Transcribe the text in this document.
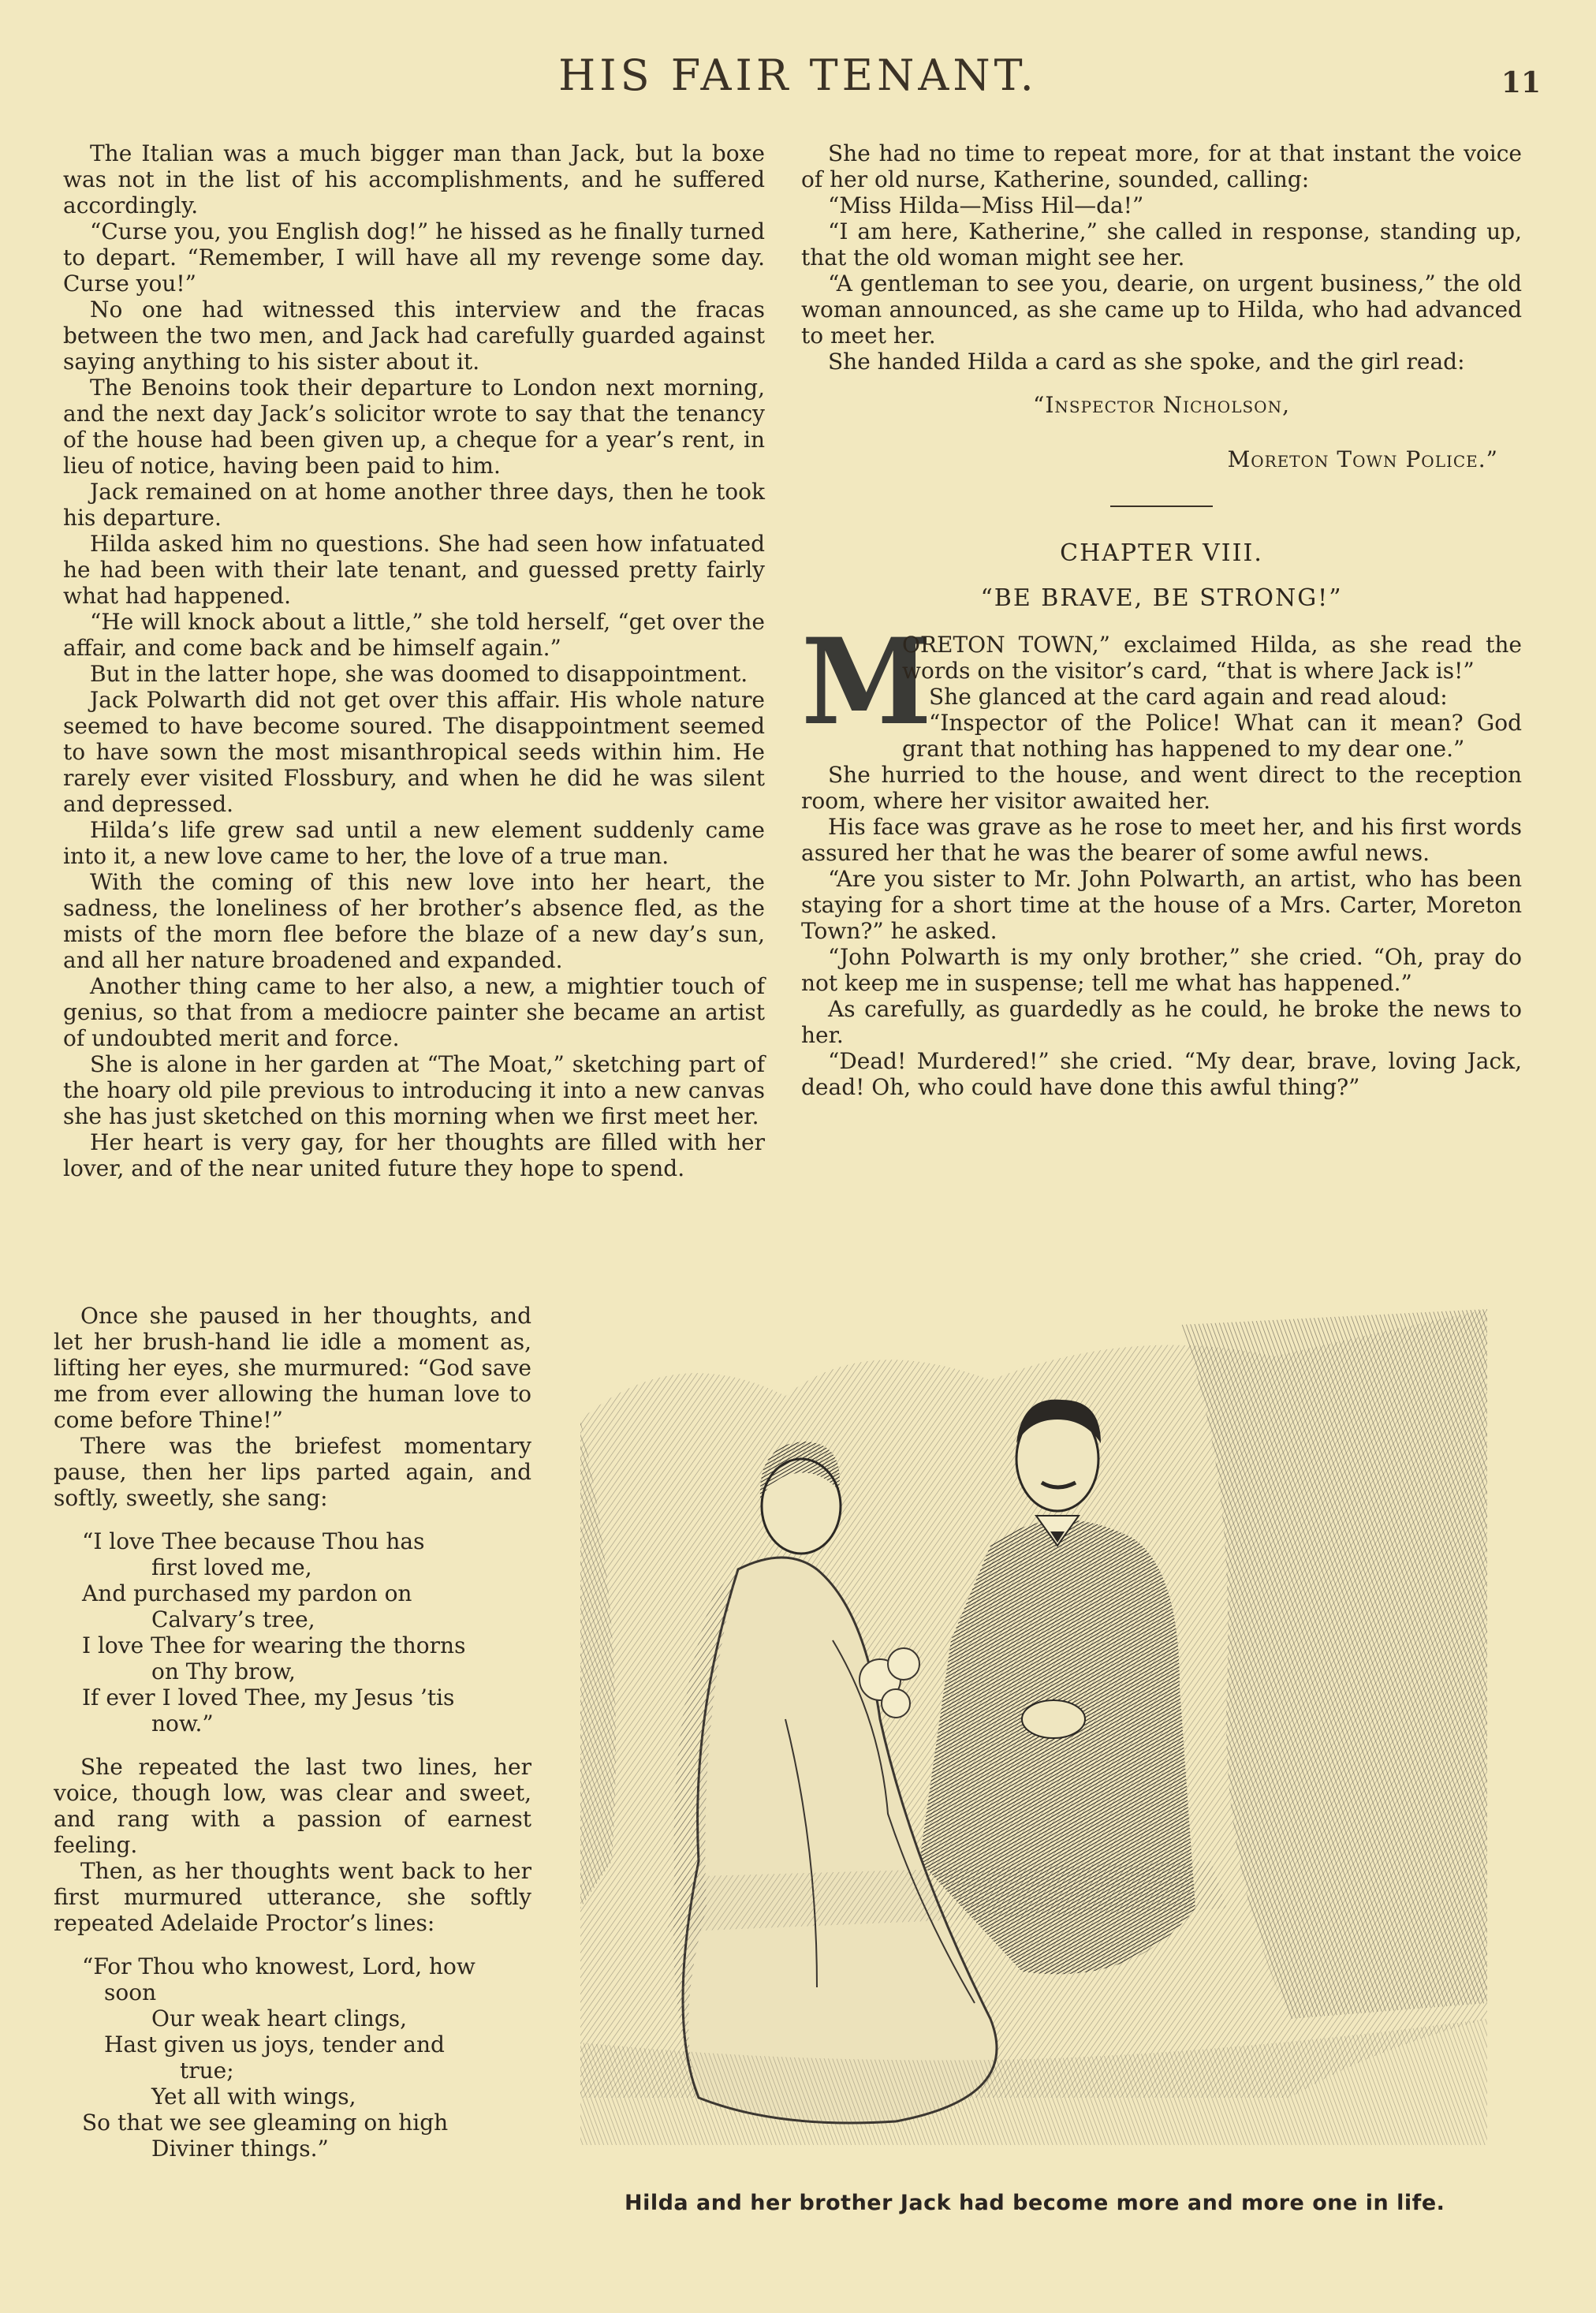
HIS FAIR TENANT.	11

The Italian was a much bigger man than Jack, but la boxe was not in the list of his accomplishments, and he suffered accordingly.

“Curse you, you English dog!” he hissed as he finally turned to depart. “Remember, I will have all my revenge some day. Curse you!”

No one had witnessed this interview and the fracas between the two men, and Jack had carefully guarded against saying anything to his sister about it.

The Benoins took their departure to London next morning, and the next day Jack’s solicitor wrote to say that the tenancy of the house had been given up, a cheque for a year’s rent, in lieu of notice, having been paid to him.

Jack remained on at home another three days, then he took his departure.

Hilda asked him no questions. She had seen how infatuated he had been with their late tenant, and guessed pretty fairly what had happened.

“He will knock about a little,” she told herself, “get over the affair, and come back and be himself again.”

But in the latter hope, she was doomed to disappointment.

Jack Polwarth did not get over this affair. His whole nature seemed to have become soured. The disappointment seemed to have sown the most misanthropical seeds within him. He rarely ever visited Flossbury, and when he did he was silent and depressed.

Hilda’s life grew sad until a new element suddenly came into it, a new love came to her, the love of a true man.

With the coming of this new love into her heart, the sadness, the loneliness of her brother’s absence fled, as the mists of the morn flee before the blaze of a new day’s sun, and all her nature broadened and expanded.

Another thing came to her also, a new, a mightier touch of genius, so that from a mediocre painter she became an artist of undoubted merit and force.

She is alone in her garden at “The Moat,” sketching part of the hoary old pile previous to introducing it into a new canvas she has just sketched on this morning when we first meet her.

Her heart is very gay, for her thoughts are filled with her lover, and of the near united future they hope to spend.

Once she paused in her thoughts, and let her brush-hand lie idle a moment as, lifting her eyes, she murmured: “God save me from ever allowing the human love to come before Thine!”

There was the briefest momentary pause, then her lips parted again, and softly, sweetly, she sang:

“I love Thee because Thou has
first loved me,
And purchased my pardon on
Calvary’s tree,
I love Thee for wearing the thorns
on Thy brow,
If ever I loved Thee, my Jesus ’tis
now.”

She repeated the last two lines, her voice, though low, was clear and sweet, and rang with a passion of earnest feeling.

Then, as her thoughts went back to her first murmured utterance, she softly repeated Adelaide Proctor’s lines:

“For Thou who knowest, Lord, how
soon
Our weak heart clings,
Hast given us joys, tender and
true;
Yet all with wings,
So that we see gleaming on high
Diviner things.”

She had no time to repeat more, for at that instant the voice of her old nurse, Katherine, sounded, calling:

“Miss Hilda—Miss Hil—da!”

“I am here, Katherine,” she called in response, standing up, that the old woman might see her.

“A gentleman to see you, dearie, on urgent business,” the old woman announced, as she came up to Hilda, who had advanced to meet her.

She handed Hilda a card as she spoke, and the girl read:

“Inspector Nicholson,
Moreton Town Police.”
CHAPTER VIII.
“BE BRAVE, BE STRONG!”

M
ORETON TOWN,” exclaimed Hilda, as she read the words on the visitor’s card, “that is where Jack is!”

She glanced at the card again and read aloud:

“Inspector of the Police! What can it mean? God grant that nothing has happened to my dear one.”

She hurried to the house, and went direct to the reception room, where her visitor awaited her.

His face was grave as he rose to meet her, and his first words assured her that he was the bearer of some awful news.

“Are you sister to Mr. John Polwarth, an artist, who has been staying for a short time at the house of a Mrs. Carter, Moreton Town?” he asked.

“John Polwarth is my only brother,” she cried. “Oh, pray do not keep me in suspense; tell me what has happened.”

As carefully, as guardedly as he could, he broke the news to her.

“Dead! Murdered!” she cried. “My dear, brave, loving Jack, dead! Oh, who could have done this awful thing?”

Hilda and her brother Jack had become more and more one in life.
